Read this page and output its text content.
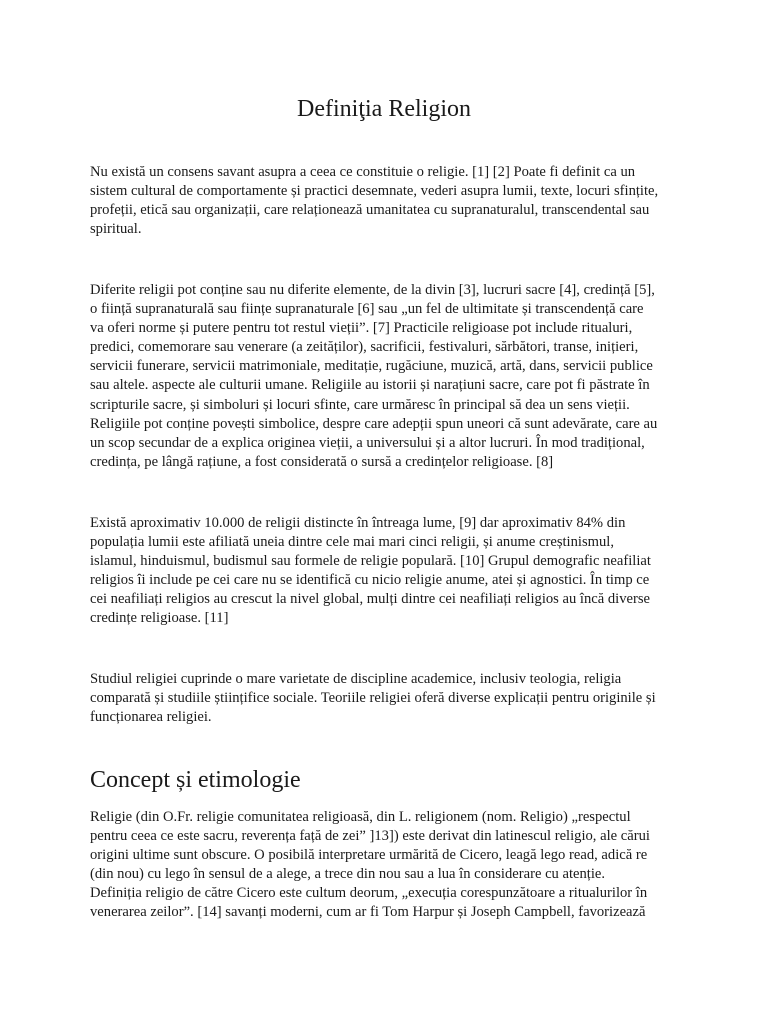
Definiţia Religion

Nu există un consens savant asupra a ceea ce constituie o religie. [1] [2] Poate fi definit ca un
sistem cultural de comportamente și practici desemnate, vederi asupra lumii, texte, locuri sfințite,
profeții, etică sau organizații, care relaționează umanitatea cu supranaturalul, transcendental sau
spiritual.

Diferite religii pot conține sau nu diferite elemente, de la divin [3], lucruri sacre [4], credință [5],
o ființă supranaturală sau ființe supranaturale [6] sau „un fel de ultimitate și transcendență care
va oferi norme și putere pentru tot restul vieții”. [7] Practicile religioase pot include ritualuri,
predici, comemorare sau venerare (a zeităților), sacrificii, festivaluri, sărbători, transe, inițieri,
servicii funerare, servicii matrimoniale, meditație, rugăciune, muzică, artă, dans, servicii publice
sau altele. aspecte ale culturii umane. Religiile au istorii și narațiuni sacre, care pot fi păstrate în
scripturile sacre, și simboluri și locuri sfinte, care urmăresc în principal să dea un sens vieții.
Religiile pot conține povești simbolice, despre care adepții spun uneori că sunt adevărate, care au
un scop secundar de a explica originea vieții, a universului și a altor lucruri. În mod tradițional,
credința, pe lângă rațiune, a fost considerată o sursă a credințelor religioase. [8]

Există aproximativ 10.000 de religii distincte în întreaga lume, [9] dar aproximativ 84% din
populația lumii este afiliată uneia dintre cele mai mari cinci religii, și anume creștinismul,
islamul, hinduismul, budismul sau formele de religie populară. [10] Grupul demografic neafiliat
religios îi include pe cei care nu se identifică cu nicio religie anume, atei și agnostici. În timp ce
cei neafiliați religios au crescut la nivel global, mulți dintre cei neafiliați religios au încă diverse
credințe religioase. [11]

Studiul religiei cuprinde o mare varietate de discipline academice, inclusiv teologia, religia
comparată și studiile științifice sociale. Teoriile religiei oferă diverse explicații pentru originile și
funcționarea religiei.

Concept și etimologie

Religie (din O.Fr. religie comunitatea religioasă, din L. religionem (nom. Religio) „respectul
pentru ceea ce este sacru, reverența față de zei” ]13]) este derivat din latinescul religio, ale cărui
origini ultime sunt obscure. O posibilă interpretare urmărită de Cicero, leagă lego read, adică re
(din nou) cu lego în sensul de a alege, a trece din nou sau a lua în considerare cu atenție.
Definiția religio de către Cicero este cultum deorum, „execuția corespunzătoare a ritualurilor în
venerarea zeilor”. [14] savanți moderni, cum ar fi Tom Harpur și Joseph Campbell, favorizează
